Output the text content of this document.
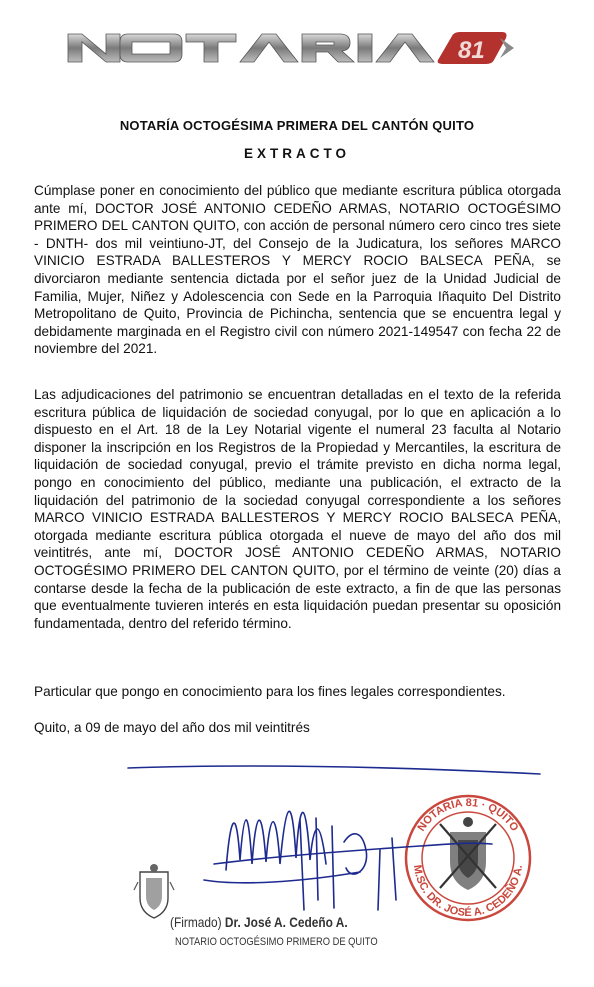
81
NOTARÍA OCTOGÉSIMA PRIMERA DEL CANTÓN QUITO
EXTRACTO
Cúmplase poner en conocimiento del público que mediante escritura pública otorgada ante mí, DOCTOR JOSÉ ANTONIO CEDEÑO ARMAS, NOTARIO OCTOGÉSIMO PRIMERO DEL CANTON QUITO, con acción de personal número cero cinco tres siete - DNTH- dos mil veintiuno-JT, del Consejo de la Judicatura, los señores MARCO VINICIO ESTRADA BALLESTEROS Y MERCY ROCIO BALSECA PEÑA, se divorciaron mediante sentencia dictada por el señor juez de la Unidad Judicial de Familia, Mujer, Niñez y Adolescencia con Sede en la Parroquia Iñaquito Del Distrito Metropolitano de Quito, Provincia de Pichincha, sentencia que se encuentra legal y debidamente marginada en el Registro civil con número 2021-149547 con fecha 22 de noviembre del 2021.
Las adjudicaciones del patrimonio se encuentran detalladas en el texto de la referida escritura pública de liquidación de sociedad conyugal, por lo que en aplicación a lo dispuesto en el Art. 18 de la Ley Notarial vigente el numeral 23 faculta al Notario disponer la inscripción en los Registros de la Propiedad y Mercantiles, la escritura de liquidación de sociedad conyugal, previo el trámite previsto en dicha norma legal, pongo en conocimiento del público, mediante una publicación, el extracto de la liquidación del patrimonio de la sociedad conyugal correspondiente a los señores MARCO VINICIO ESTRADA BALLESTEROS Y MERCY ROCIO BALSECA PEÑA, otorgada mediante escritura pública otorgada el nueve de mayo del año dos mil veintitrés, ante mí, DOCTOR JOSÉ ANTONIO CEDEÑO ARMAS, NOTARIO OCTOGÉSIMO PRIMERO DEL CANTON QUITO, por el término de veinte (20) días a contarse desde la fecha de la publicación de este extracto, a fin de que las personas que eventualmente tuvieren interés en esta liquidación puedan presentar su oposición fundamentada, dentro del referido término.
Particular que pongo en conocimiento para los fines legales correspondientes.
Quito, a 09 de mayo del año dos mil veintitrés
NOTARIA 81 · QUITO
M.SC. DR. JOSÉ A. CEDEÑO A.
(Firmado) Dr. José A. Cedeño A.
NOTARIO OCTOGÉSIMO PRIMERO DE QUITO
